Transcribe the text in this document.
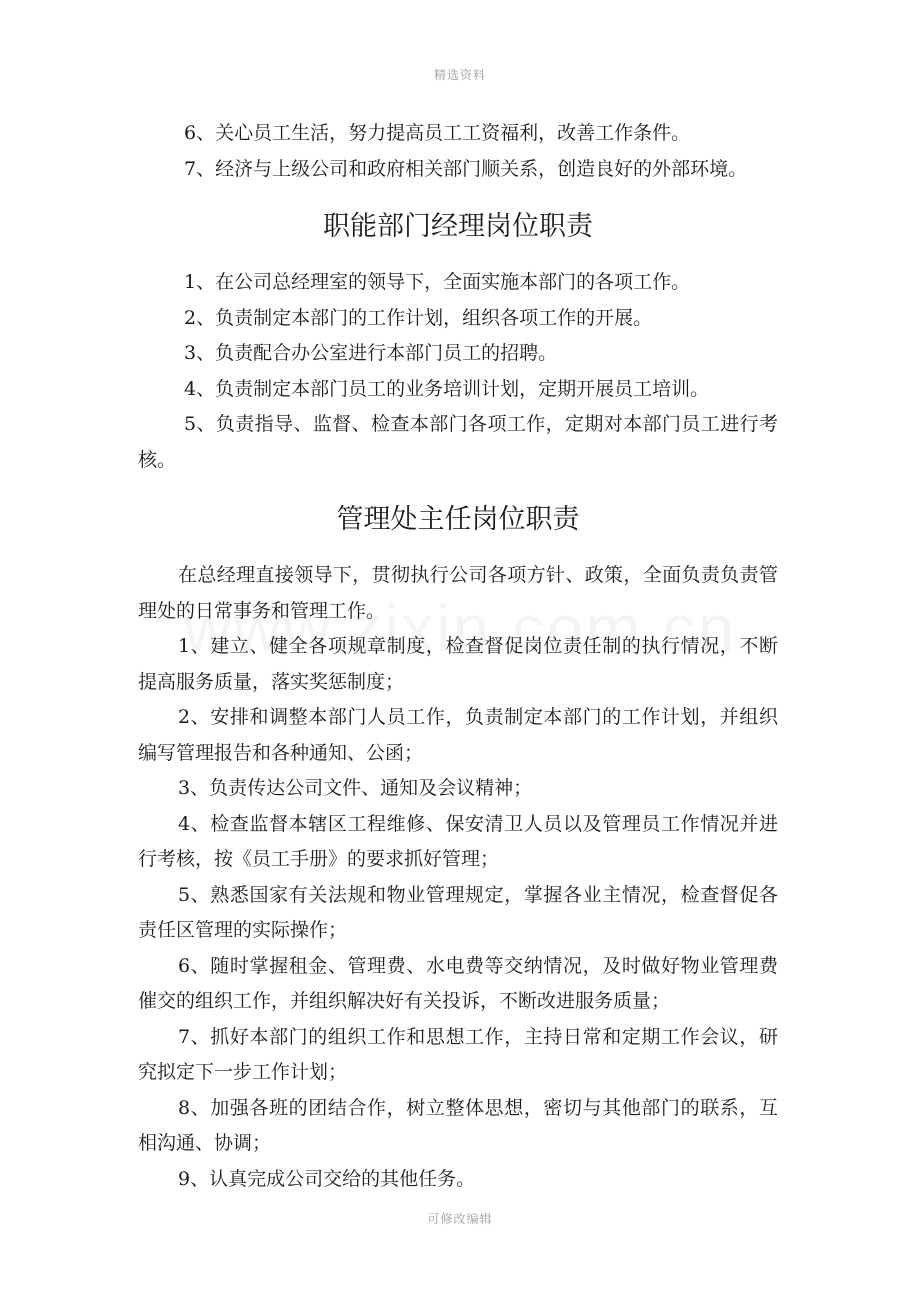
精选资料

6、关心员工生活，努力提高员工工资福利，改善工作条件。

7、经济与上级公司和政府相关部门顺关系，创造良好的外部环境。

职能部门经理岗位职责

1、在公司总经理室的领导下，全面实施本部门的各项工作。

2、负责制定本部门的工作计划，组织各项工作的开展。

3、负责配合办公室进行本部门员工的招聘。

4、负责制定本部门员工的业务培训计划，定期开展员工培训。

5、负责指导、监督、检查本部门各项工作，定期对本部门员工进行考核。

管理处主任岗位职责

在总经理直接领导下，贯彻执行公司各项方针、政策，全面负责负责管理处的日常事务和管理工作。

1、建立、健全各项规章制度，检查督促岗位责任制的执行情况，不断提高服务质量，落实奖惩制度；

2、安排和调整本部门人员工作，负责制定本部门的工作计划，并组织编写管理报告和各种通知、公函；

3、负责传达公司文件、通知及会议精神；

4、检查监督本辖区工程维修、保安清卫人员以及管理员工作情况并进行考核，按《员工手册》的要求抓好管理；

5、熟悉国家有关法规和物业管理规定，掌握各业主情况，检查督促各责任区管理的实际操作；

6、随时掌握租金、管理费、水电费等交纳情况，及时做好物业管理费催交的组织工作，并组织解决好有关投诉，不断改进服务质量；

7、抓好本部门的组织工作和思想工作，主持日常和定期工作会议，研究拟定下一步工作计划；

8、加强各班的团结合作，树立整体思想，密切与其他部门的联系，互相沟通、协调；

9、认真完成公司交给的其他任务。

可修改编辑
